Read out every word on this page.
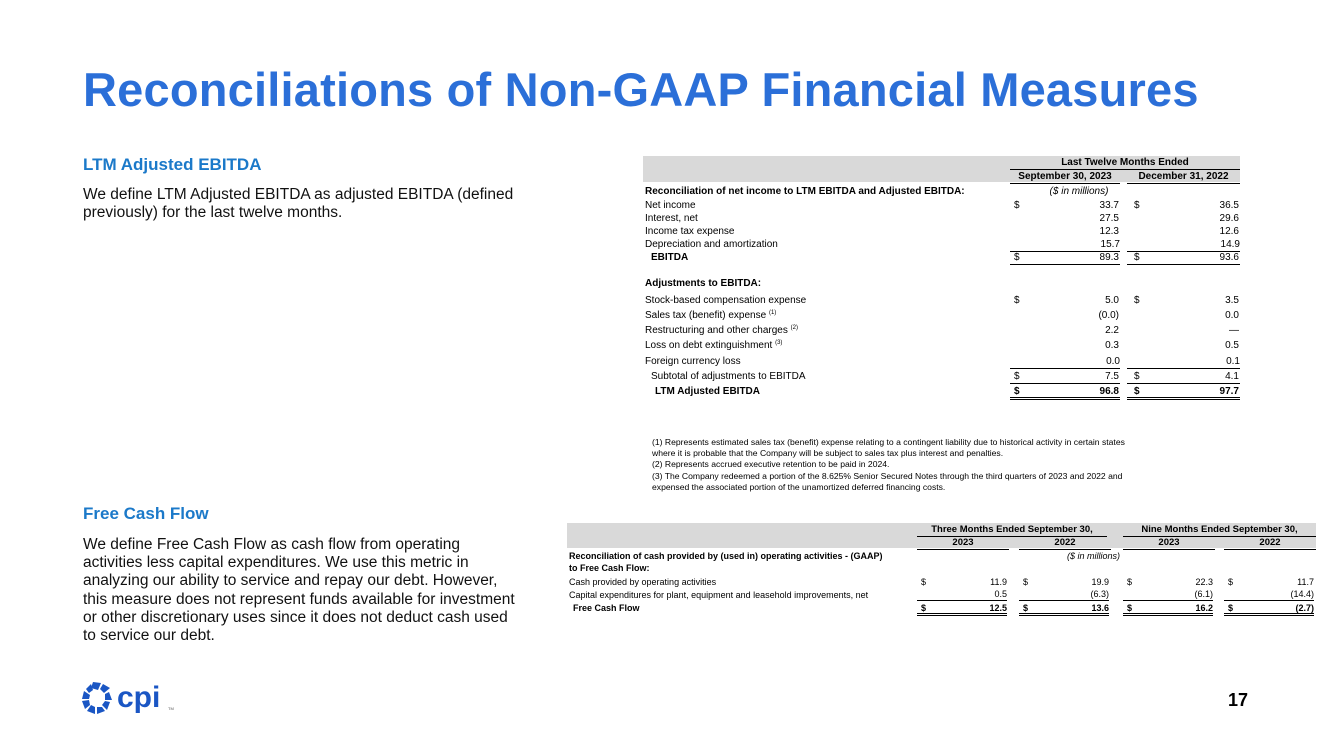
Reconciliations of Non-GAAP Financial Measures
LTM Adjusted EBITDA

We define LTM Adjusted EBITDA as adjusted EBITDA (defined
previously) for the last twelve months.

Free Cash Flow

We define Free Cash Flow as cash flow from operating
activities less capital expenditures. We use this metric in
analyzing our ability to service and repay our debt. However,
this measure does not represent funds available for investment
or other discretionary uses since it does not deduct cash used
to service our debt.

Last Twelve Months Ended
September 30, 2023	December 31, 2022
Reconciliation of net income to LTM EBITDA and Adjusted EBITDA:	($ in millions)
Net income	$	33.7 $	36.5
Interest, net	27.5	29.6
Income tax expense	12.3	12.6
Depreciation and amortization	15.7	14.9
EBITDA	$	89.3 $	93.6
Adjustments to EBITDA:
Stock-based compensation expense	$	5.0 $	3.5
Sales tax (benefit) expense $^{(1)}$	(0.0)	0.0
Restructuring and other charges $^{(2)}$	2.2	—
Loss on debt extinguishment $^{(3)}$	0.3	0.5
Foreign currency loss	0.0	0.1
Subtotal of adjustments to EBITDA	$	7.5 $	4.1
LTM Adjusted EBITDA	$	96.8 $	97.7
(1) Represents estimated sales tax (benefit) expense relating to a contingent liability due to historical activity in certain states
where it is probable that the Company will be subject to sales tax plus interest and penalties.
(2) Represents accrued executive retention to be paid in 2024.
(3) The Company redeemed a portion of the 8.625% Senior Secured Notes through the third quarters of 2023 and 2022 and
expensed the associated portion of the unamortized deferred financing costs.
Three Months Ended September 30,	Nine Months Ended September 30,
2023	2022	2023	2022
Reconciliation of cash provided by (used in) operating activities - (GAAP)	($ in millions)
to Free Cash Flow:
Cash provided by operating activities	$	11.9 $	19.9 $	22.3 $	11.7
Capital expenditures for plant, equipment and leasehold improvements, net	0.5	(6.3)	(6.1)	(14.4)
Free Cash Flow	$	12.5 $	13.6 $	16.2 $	(2.7)
cpi TM	17
